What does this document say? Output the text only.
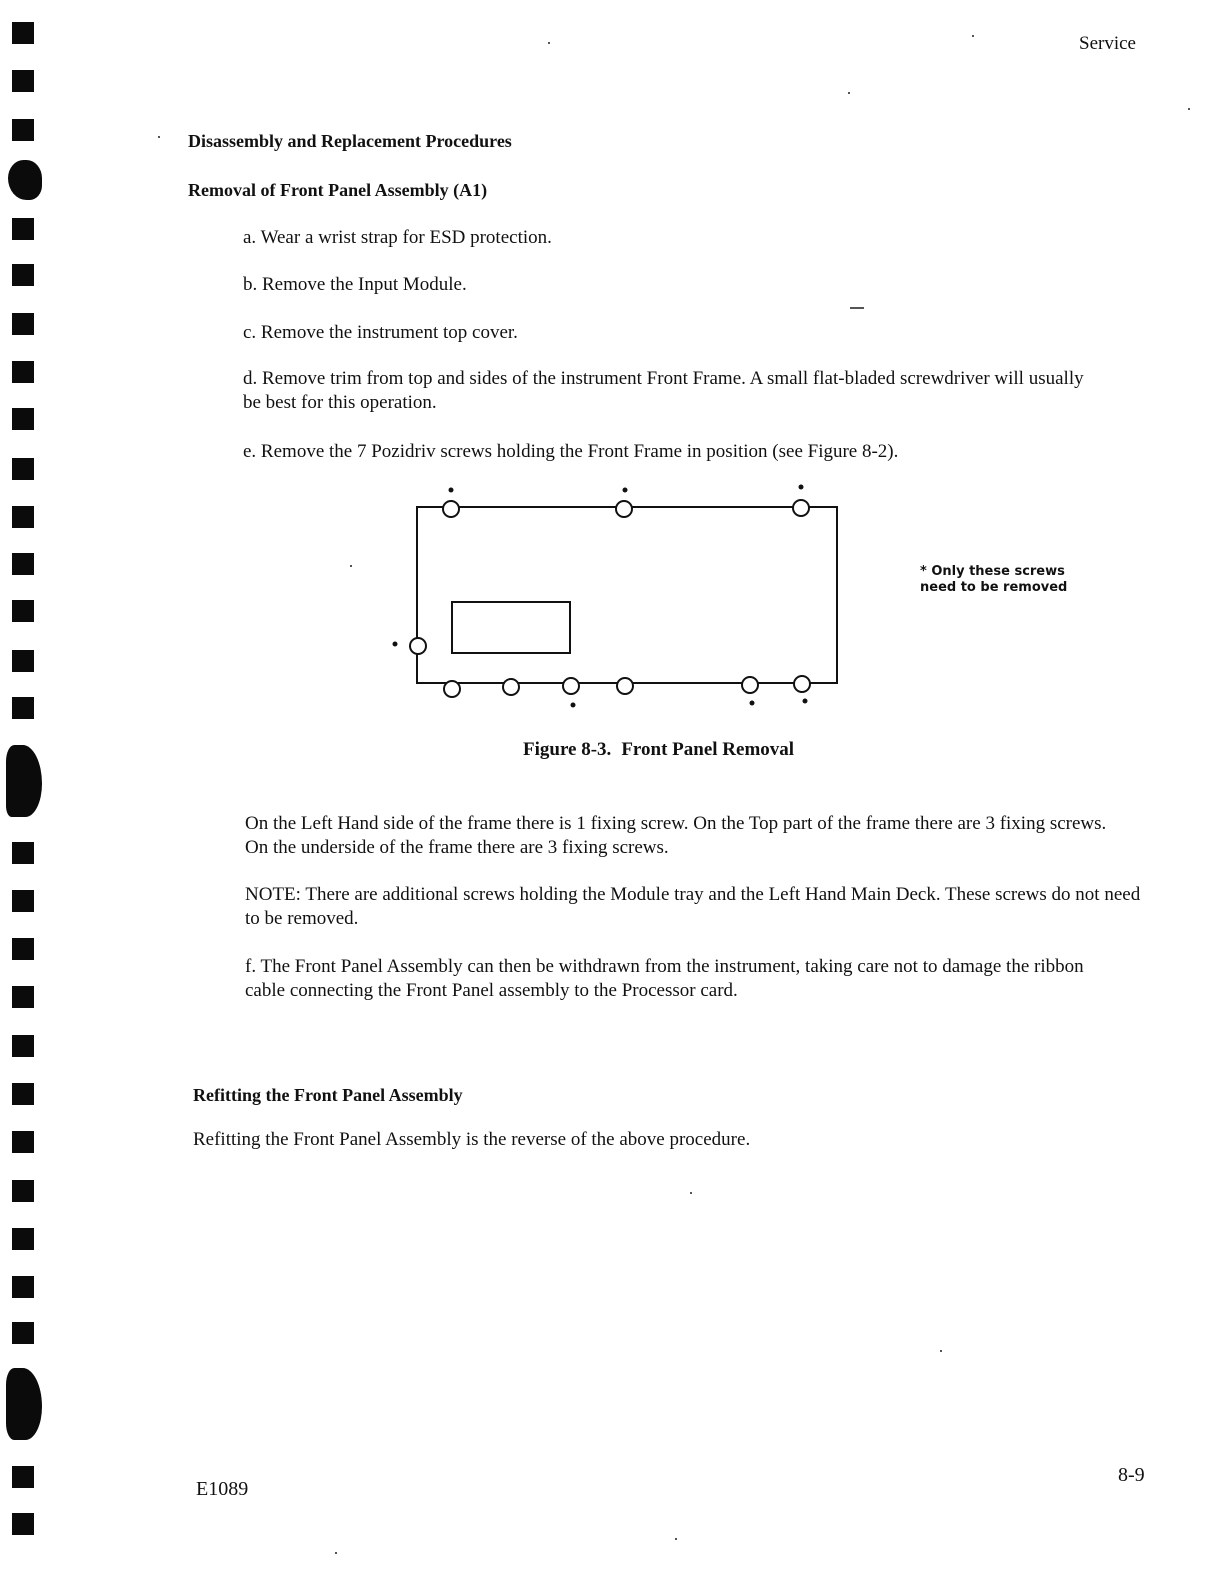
Service
Disassembly and Replacement Procedures
Removal of Front Panel Assembly (A1)
a. Wear a wrist strap for ESD protection.
b. Remove the Input Module.
c. Remove the instrument top cover.
d. Remove trim from top and sides of the instrument Front Frame. A small flat-bladed screwdriver will usually be best for this operation.
e. Remove the 7 Pozidriv screws holding the Front Frame in position (see Figure 8-2).
* Only these screws
need to be removed
Figure 8-3. Front Panel Removal
On the Left Hand side of the frame there is 1 fixing screw. On the Top part of the frame there are 3 fixing screws. On the underside of the frame there are 3 fixing screws.
NOTE: There are additional screws holding the Module tray and the Left Hand Main Deck. These screws do not need to be removed.
f. The Front Panel Assembly can then be withdrawn from the instrument, taking care not to damage the ribbon cable connecting the Front Panel assembly to the Processor card.
Refitting the Front Panel Assembly
Refitting the Front Panel Assembly is the reverse of the above procedure.
E1089
8-9
